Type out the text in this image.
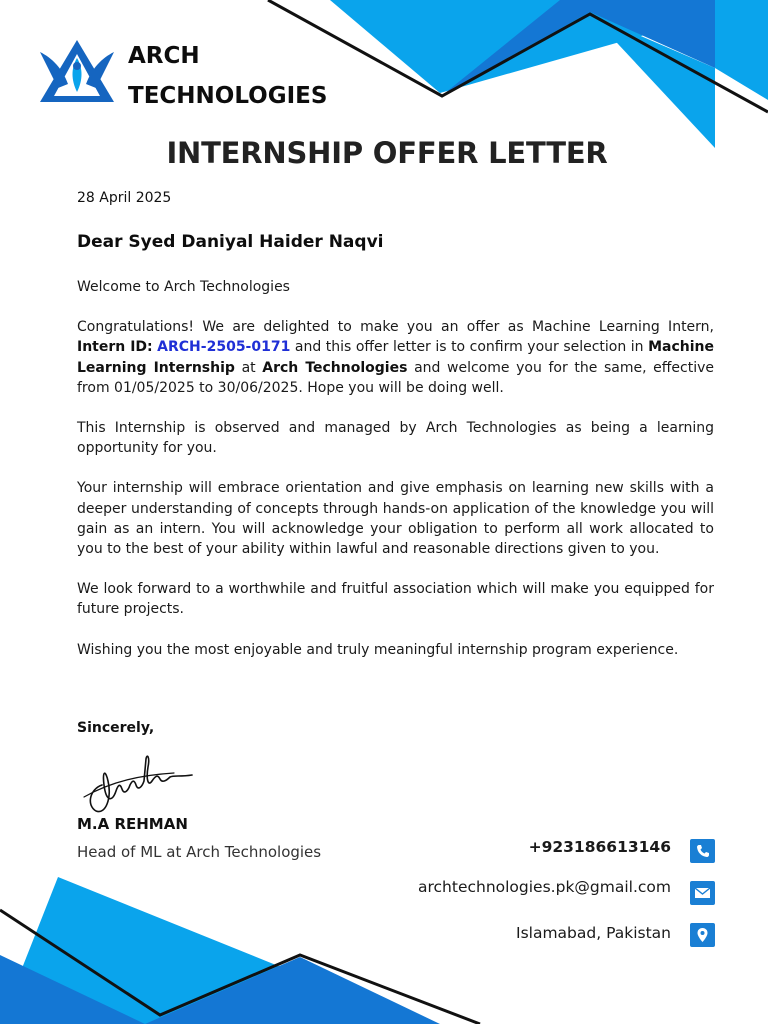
ARCH
TECHNOLOGIES
INTERNSHIP OFFER LETTER
28 April 2025
Dear Syed Daniyal Haider Naqvi

Welcome to Arch Technologies

Congratulations! We are delighted to make you an offer as Machine Learning Intern, Intern ID: ARCH-2505-0171 and this offer letter is to confirm your selection in Machine Learning Internship at Arch Technologies and welcome you for the same, effective from 01/05/2025 to 30/06/2025. Hope you will be doing well.

This Internship is observed and managed by Arch Technologies as being a learning opportunity for you.

Your internship will embrace orientation and give emphasis on learning new skills with a deeper understanding of concepts through hands-on application of the knowledge you will gain as an intern. You will acknowledge your obligation to perform all work allocated to you to the best of your ability within lawful and reasonable directions given to you.

We look forward to a worthwhile and fruitful association which will make you equipped for future projects.

Wishing you the most enjoyable and truly meaningful internship program experience.

Sincerely,
M.A REHMAN
Head of ML at Arch Technologies	+923186613146
archtechnologies.pk@gmail.com
Islamabad, Pakistan
